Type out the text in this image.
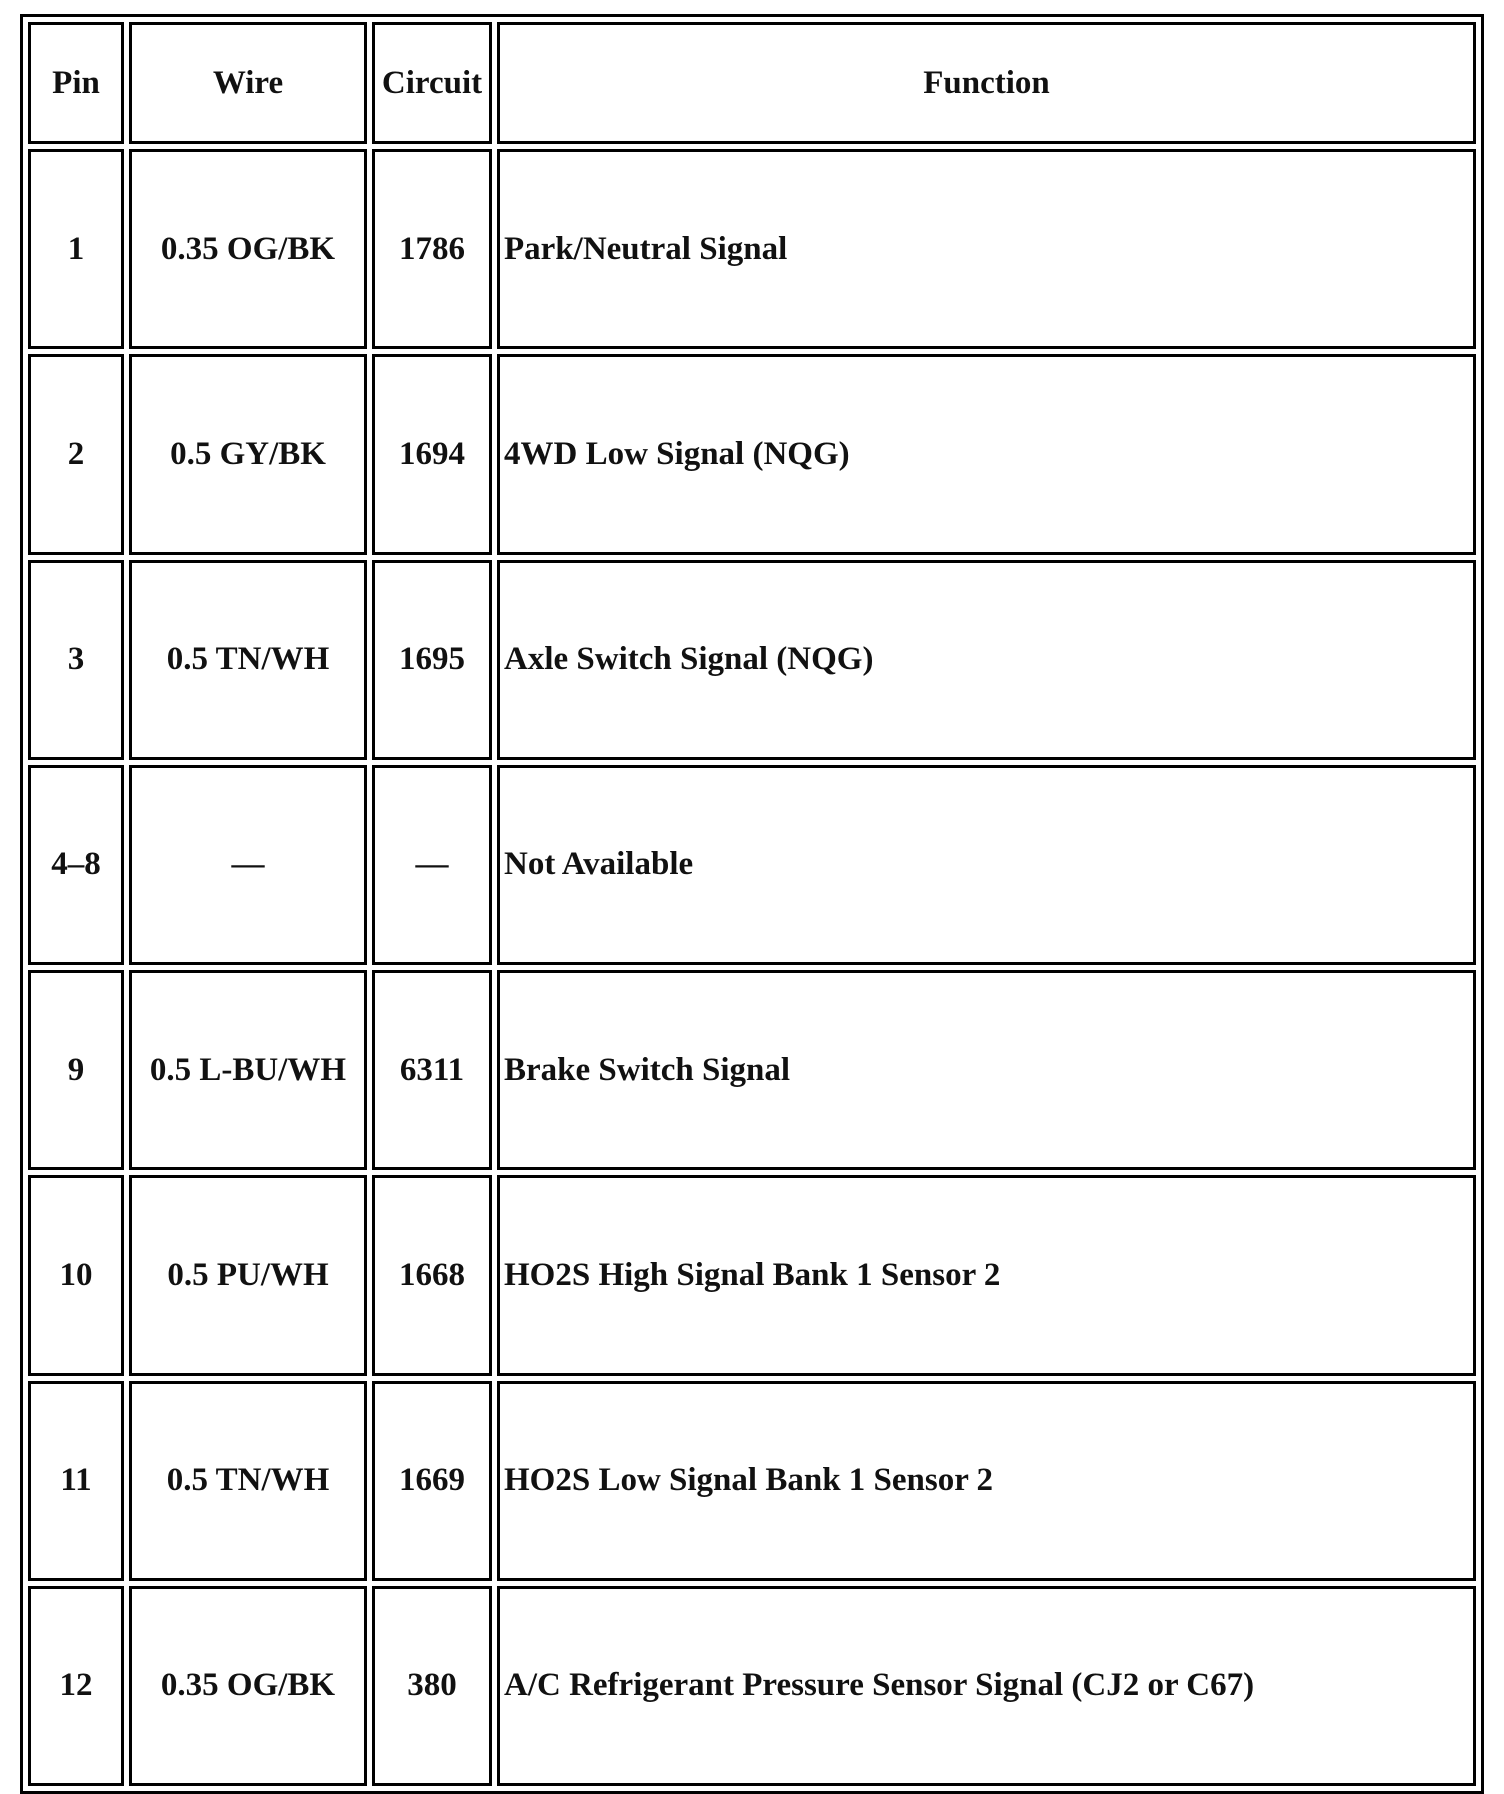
Pin	Wire	Circuit	Function
1	0.35 OG/BK	1786	Park/Neutral Signal
2	0.5 GY/BK	1694	4WD Low Signal (NQG)
3	0.5 TN/WH	1695	Axle Switch Signal (NQG)
4–8	—	—	Not Available
9	0.5 L-BU/WH	6311	Brake Switch Signal
10	0.5 PU/WH	1668	HO2S High Signal Bank 1 Sensor 2
11	0.5 TN/WH	1669	HO2S Low Signal Bank 1 Sensor 2
12	0.35 OG/BK	380	A/C Refrigerant Pressure Sensor Signal (CJ2 or C67)
